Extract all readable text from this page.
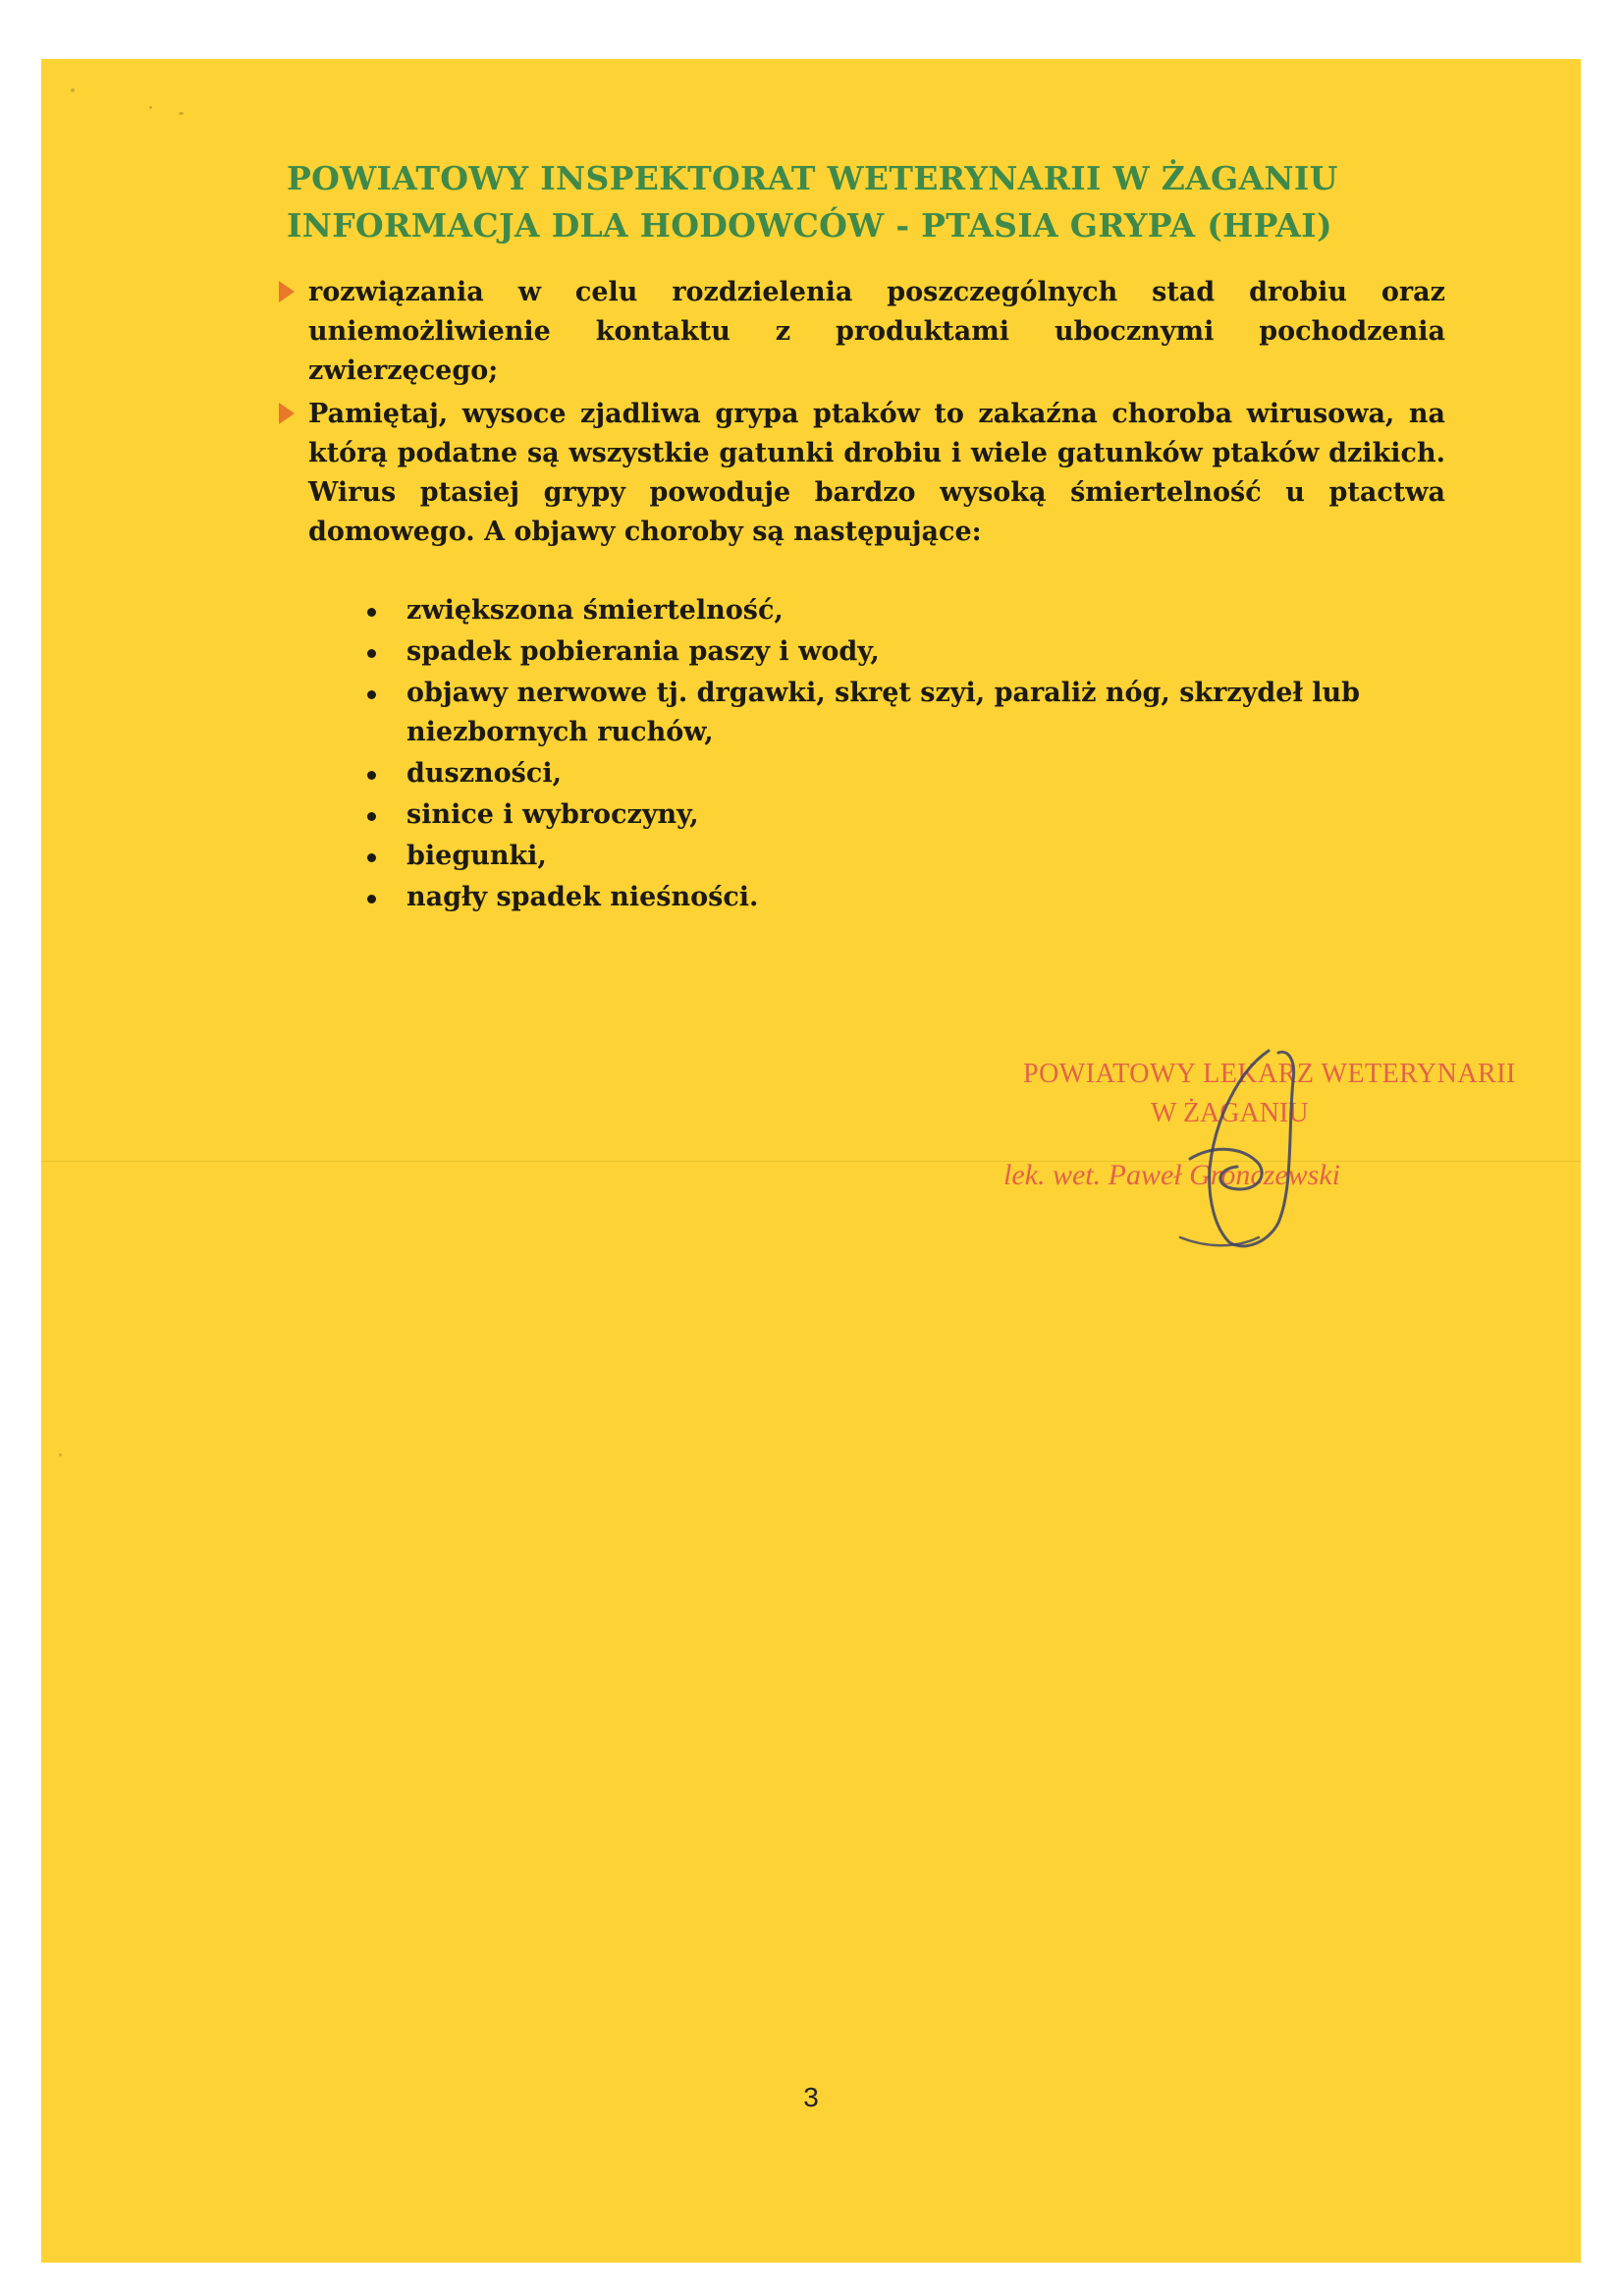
POWIATOWY INSPEKTORAT WETERYNARII W ŻAGANIU
INFORMACJA DLA HODOWCÓW - PTASIA GRYPA (HPAI)
rozwiązania w celu rozdzielenia poszczególnych stad drobiu oraz uniemożliwienie kontaktu z produktami ubocznymi pochodzenia zwierzęcego;
Pamiętaj, wysoce zjadliwa grypa ptaków to zakaźna choroba wirusowa, na którą podatne są wszystkie gatunki drobiu i wiele gatunków ptaków dzikich. Wirus ptasiej grypy powoduje bardzo wysoką śmiertelność u ptactwa domowego. A objawy choroby są następujące:
zwiększona śmiertelność,
spadek pobierania paszy i wody,
objawy nerwowe tj. drgawki, skręt szyi, paraliż nóg, skrzydeł lub niezbornych ruchów,
duszności,
sinice i wybroczyny,
biegunki,
nagły spadek nieśności.
POWIATOWY LEKARZ WETERYNARII
W ŻAGANIU
lek. wet. Paweł Gronczewski
3
